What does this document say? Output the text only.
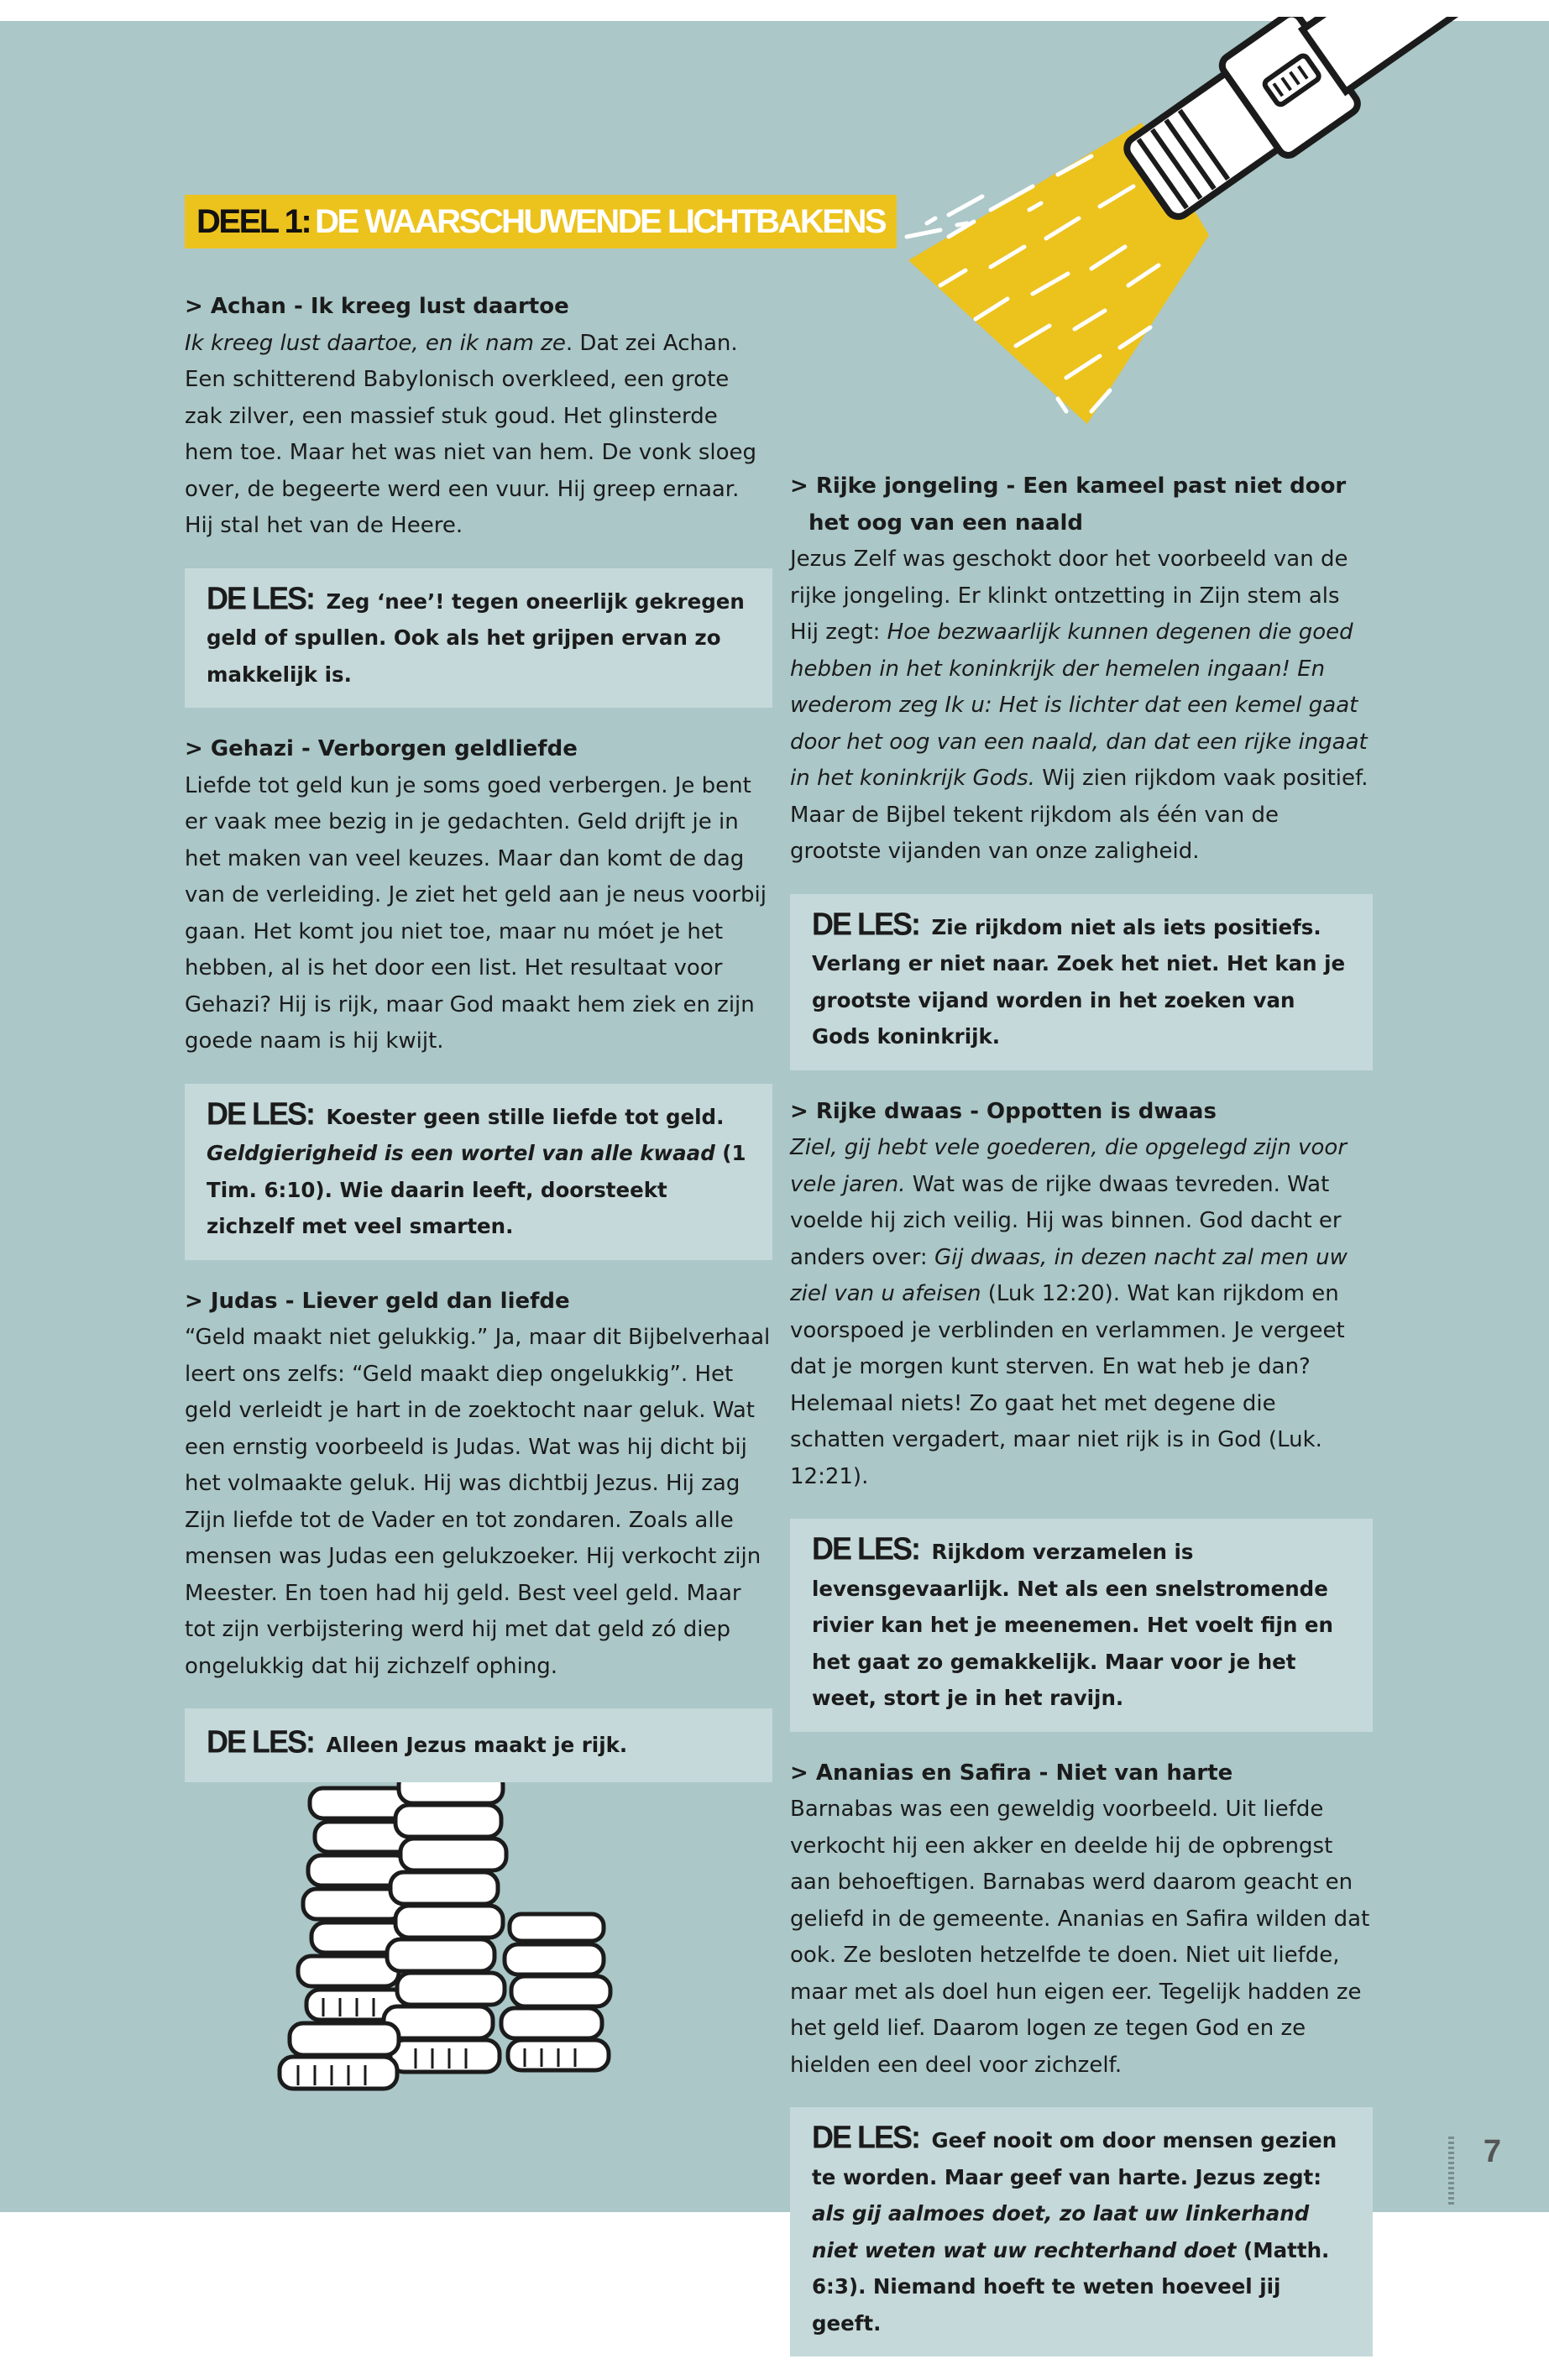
DEEL 1: DE WAARSCHUWENDE LICHTBAKENS
> Achan - Ik kreeg lust daartoe

Ik kreeg lust daartoe, en ik nam ze. Dat zei Achan. Een schitterend Babylonisch overkleed, een grote zak zilver, een massief stuk goud. Het glinsterde hem toe. Maar het was niet van hem. De vonk sloeg over, de begeerte werd een vuur. Hij greep ernaar. Hij stal het van de Heere.

DE LES: Zeg ‘nee’! tegen oneerlijk gekregen geld of spullen. Ook als het grijpen ervan zo makkelijk is.
> Gehazi - Verborgen geldliefde

Liefde tot geld kun je soms goed verbergen. Je bent er vaak mee bezig in je gedachten. Geld drijft je in het maken van veel keuzes. Maar dan komt de dag van de verleiding. Je ziet het geld aan je neus voorbij gaan. Het komt jou niet toe, maar nu móet je het hebben, al is het door een list. Het resultaat voor Gehazi? Hij is rijk, maar God maakt hem ziek en zijn goede naam is hij kwijt.

DE LES: Koester geen stille liefde tot geld. Geldgierigheid is een wortel van alle kwaad (1 Tim. 6:10). Wie daarin leeft, doorsteekt zichzelf met veel smarten.
> Judas - Liever geld dan liefde

“Geld maakt niet gelukkig.” Ja, maar dit Bijbelverhaal leert ons zelfs: “Geld maakt diep ongelukkig”. Het geld verleidt je hart in de zoektocht naar geluk. Wat een ernstig voorbeeld is Judas. Wat was hij dicht bij het volmaakte geluk. Hij was dichtbij Jezus. Hij zag Zijn liefde tot de Vader en tot zondaren. Zoals alle mensen was Judas een gelukzoeker. Hij verkocht zijn Meester. En toen had hij geld. Best veel geld. Maar tot zijn verbijstering werd hij met dat geld zó diep ongelukkig dat hij zichzelf ophing.

DE LES: Alleen Jezus maakt je rijk.
> Rijke jongeling - Een kameel past niet door het oog van een naald

Jezus Zelf was geschokt door het voorbeeld van de rijke jongeling. Er klinkt ontzetting in Zijn stem als Hij zegt: Hoe bezwaarlijk kunnen degenen die goed hebben in het koninkrijk der hemelen ingaan! En wederom zeg Ik u: Het is lichter dat een kemel gaat door het oog van een naald, dan dat een rijke ingaat in het koninkrijk Gods. Wij zien rijkdom vaak positief. Maar de Bijbel tekent rijkdom als één van de grootste vijanden van onze zaligheid.

DE LES: Zie rijkdom niet als iets positiefs. Verlang er niet naar. Zoek het niet. Het kan je grootste vijand worden in het zoeken van Gods koninkrijk.
> Rijke dwaas - Oppotten is dwaas

Ziel, gij hebt vele goederen, die opgelegd zijn voor vele jaren. Wat was de rijke dwaas tevreden. Wat voelde hij zich veilig. Hij was binnen. God dacht er anders over: Gij dwaas, in dezen nacht zal men uw ziel van u afeisen (Luk 12:20). Wat kan rijkdom en voorspoed je verblinden en verlammen. Je vergeet dat je morgen kunt sterven. En wat heb je dan? Helemaal niets! Zo gaat het met degene die schatten vergadert, maar niet rijk is in God (Luk. 12:21).

DE LES: Rijkdom verzamelen is levensgevaarlijk. Net als een snelstromende rivier kan het je meenemen. Het voelt fijn en het gaat zo gemakkelijk. Maar voor je het weet, stort je in het ravijn.
> Ananias en Safira - Niet van harte

Barnabas was een geweldig voorbeeld. Uit liefde verkocht hij een akker en deelde hij de opbrengst aan behoeftigen. Barnabas werd daarom geacht en geliefd in de gemeente. Ananias en Safira wilden dat ook. Ze besloten hetzelfde te doen. Niet uit liefde, maar met als doel hun eigen eer. Tegelijk hadden ze het geld lief. Daarom logen ze tegen God en ze hielden een deel voor zichzelf.

DE LES: Geef nooit om door mensen gezien te worden. Maar geef van harte. Jezus zegt: als gij aalmoes doet, zo laat uw linkerhand niet weten wat uw rechterhand doet (Matth. 6:3). Niemand hoeft te weten hoeveel jij geeft.
7
